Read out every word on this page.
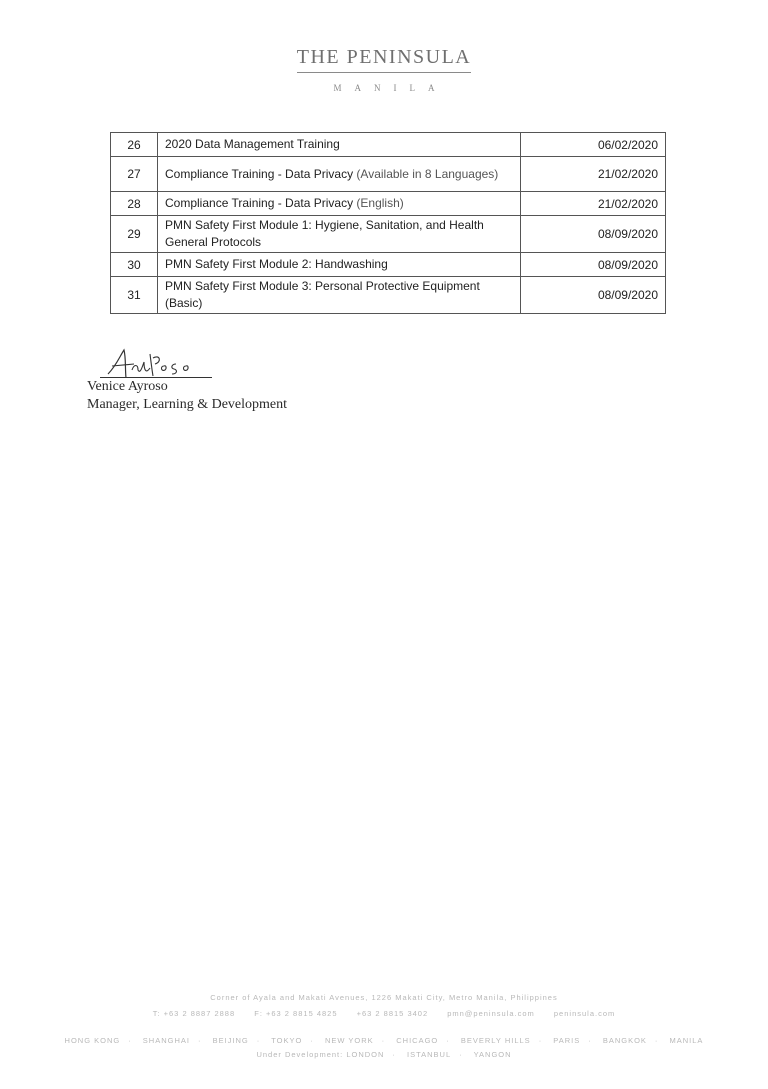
THE PENINSULA
MANILA
26	2020 Data Management Training	06/02/2020
27	Compliance Training - Data Privacy (Available in 8 Languages)	21/02/2020
28	Compliance Training - Data Privacy (English)	21/02/2020
29	PMN Safety First Module 1: Hygiene, Sanitation, and Health General Protocols	08/09/2020
30	PMN Safety First Module 2: Handwashing	08/09/2020
31	PMN Safety First Module 3: Personal Protective Equipment (Basic)	08/09/2020
Venice Ayroso
Manager, Learning & Development
Corner of Ayala and Makati Avenues, 1226 Makati City, Metro Manila, Philippines
T: +63 2 8887 2888	F: +63 2 8815 4825	+63 2 8815 3402	pmn@peninsula.com	peninsula.com
HONG KONG · SHANGHAI · BEIJING · TOKYO · NEW YORK · CHICAGO · BEVERLY HILLS · PARIS · BANGKOK · MANILA
Under Development: LONDON · ISTANBUL · YANGON
